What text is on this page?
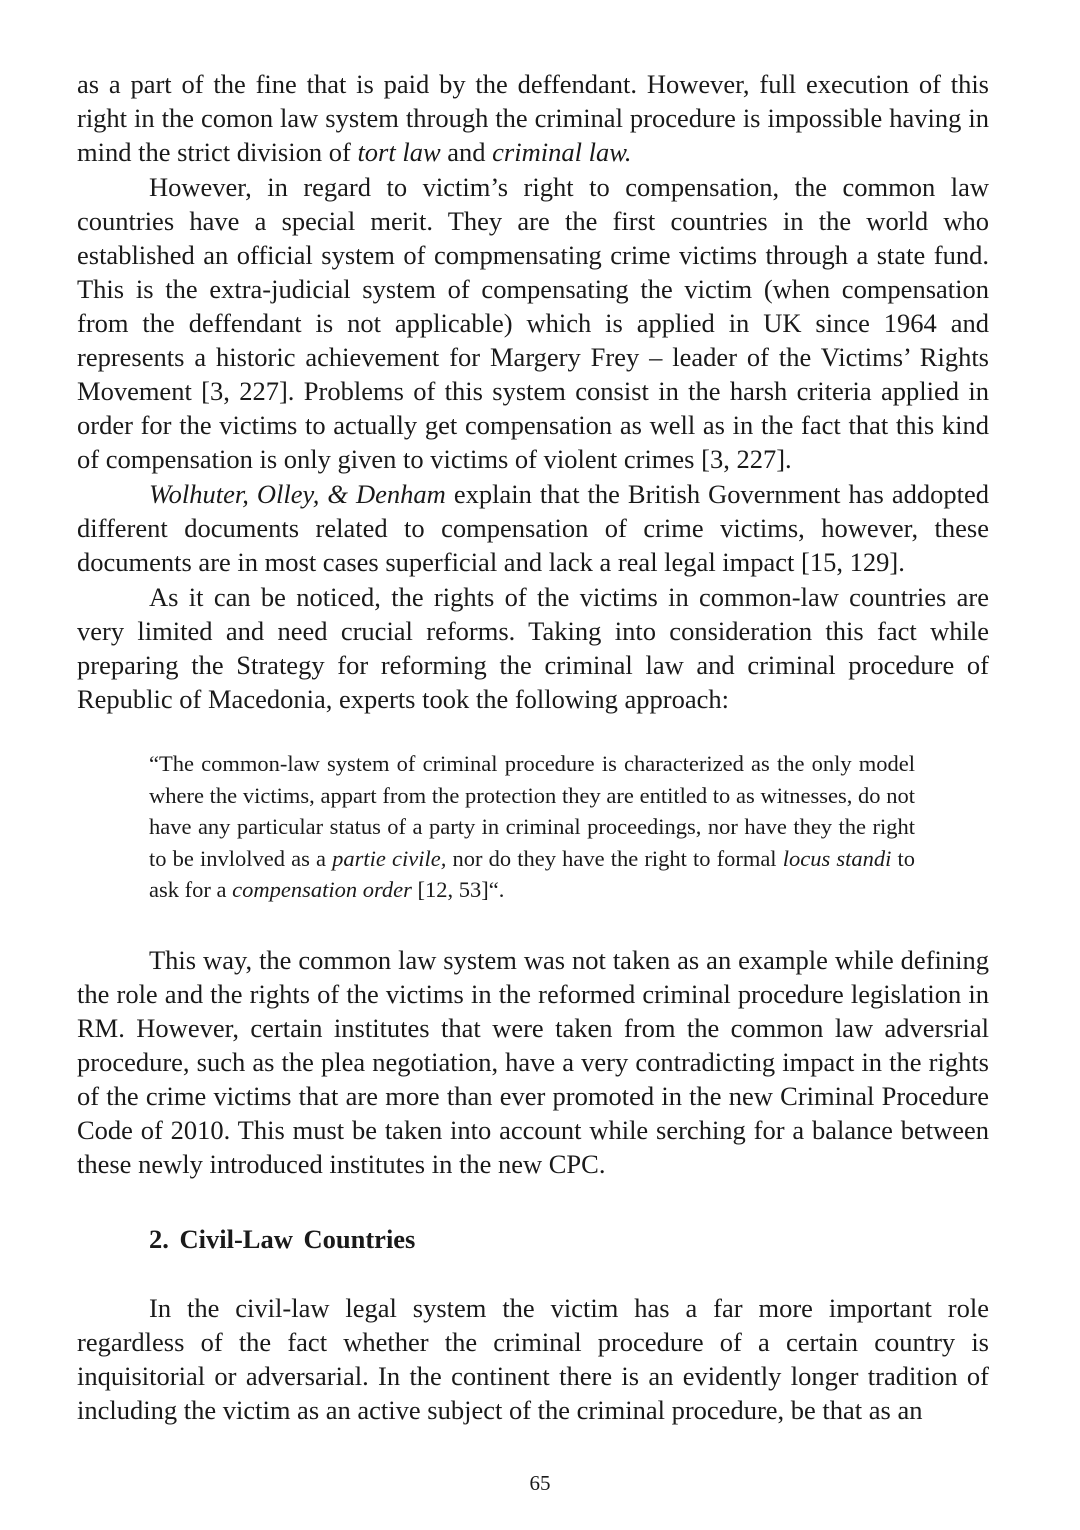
as a part of the fine that is paid by the deffendant. However, full execution of this right in the comon law system through the criminal procedure is impossible having in mind the strict division of tort law and criminal law.

However, in regard to victim’s right to compensation, the common law countries have a special merit. They are the first countries in the world who established an official system of compmensating crime victims through a state fund. This is the extra-judicial system of compensating the victim (when compensation from the deffendant is not applicable) which is applied in UK since 1964 and represents a historic achievement for Margery Frey – leader of the Victims’ Rights Movement [3, 227]. Problems of this system consist in the harsh criteria applied in order for the victims to actually get compensation as well as in the fact that this kind of compensation is only given to victims of violent crimes [3, 227].

Wolhuter, Olley, & Denham explain that the British Government has addopted different documents related to compensation of crime victims, however, these documents are in most cases superficial and lack a real legal impact [15, 129].

As it can be noticed, the rights of the victims in common-law countries are very limited and need crucial reforms. Taking into consideration this fact while preparing the Strategy for reforming the criminal law and criminal procedure of Republic of Macedonia, experts took the following approach:

“The common-law system of criminal procedure is characterized as the only model where the victims, appart from the protection they are entitled to as witnesses, do not have any particular status of a party in criminal proceedings, nor have they the right to be invlolved as a partie civile, nor do they have the right to formal locus standi to ask for a compensation order [12, 53]“.

This way, the common law system was not taken as an example while defining the role and the rights of the victims in the reformed criminal procedure legislation in RM. However, certain institutes that were taken from the common law adversrial procedure, such as the plea negotiation, have a very contradicting impact in the rights of the crime victims that are more than ever promoted in the new Criminal Procedure Code of 2010. This must be taken into account while serching for a balance between these newly introduced institutes in the new CPC.

2. Civil-Law Countries

In the civil-law legal system the victim has a far more important role regardless of the fact whether the criminal procedure of a certain country is inquisitorial or adversarial. In the continent there is an evidently longer tradition of including the victim as an active subject of the criminal procedure, be that as an

65
